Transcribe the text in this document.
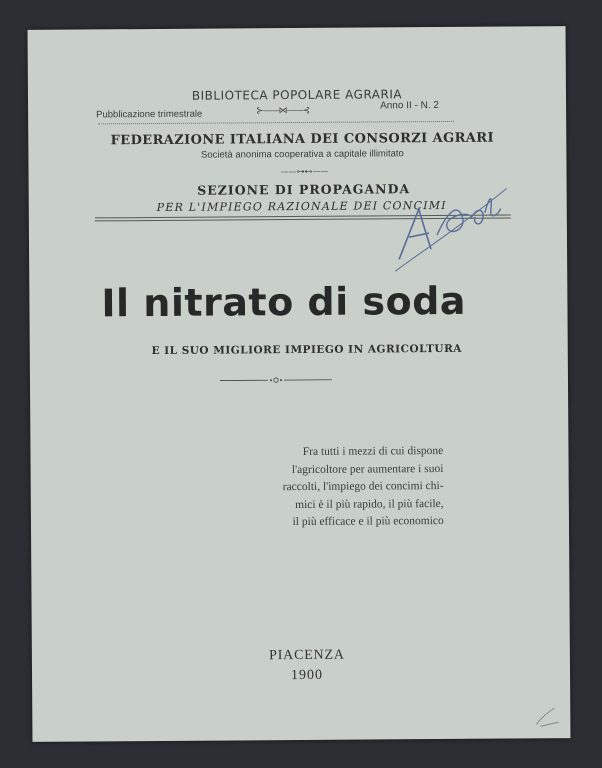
BIBLIOTECA POPOLARE AGRARIA
Pubblicazione trimestrale	⊱——⋈——⊰	Anno II - N. 2
FEDERAZIONE ITALIANA DEI CONSORZI AGRARI
Società anonima cooperativa a capitale illimitato
——⊶⊷——
SEZIONE DI PROPAGANDA
PER L'IMPIEGO RAZIONALE DEI CONCIMI
Il nitrato di soda
E IL SUO MIGLIORE IMPIEGO IN AGRICOLTURA
Fra tutti i mezzi di cui dispone
l'agricoltore per aumentare i suoi
raccolti, l'impiego dei concimi chi-
mici è il più rapido, il più facile,
il più efficace e il più economico
PIACENZA
1900
